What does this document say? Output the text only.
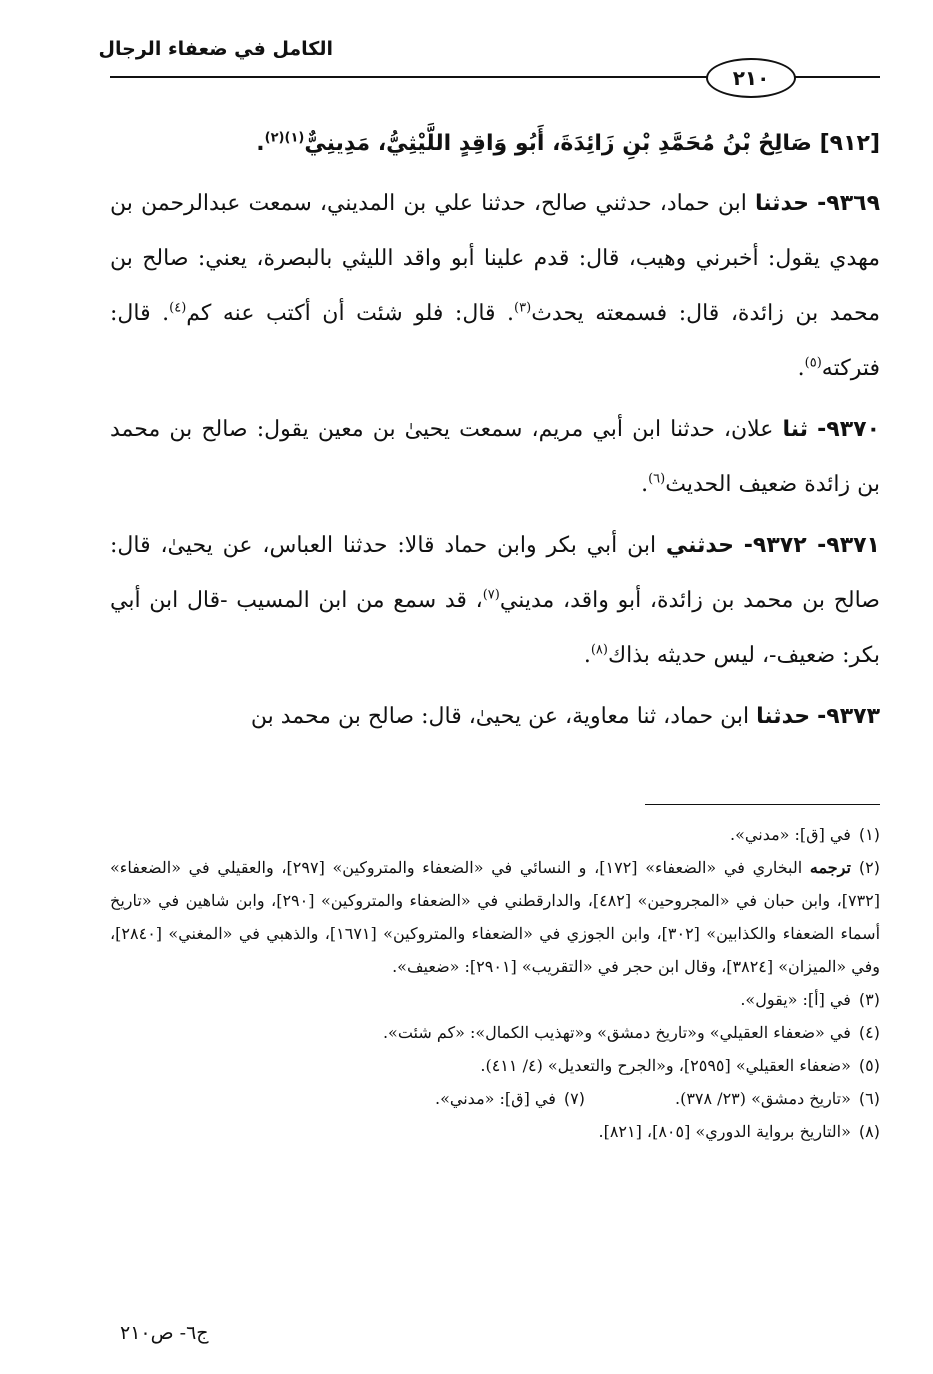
الكامل في ضعفاء الرجال
٢١٠

[٩١٢] صَالِحُ بْنُ مُحَمَّدِ بْنِ زَائِدَةَ، أَبُو وَاقِدٍ اللَّيْثِيُّ، مَدِينِيٌّ$^{(١)(٢)}$.

٩٣٦٩- حدثنا ابن حماد، حدثني صالح، حدثنا علي بن المديني، سمعت عبدالرحمن بن مهدي يقول: أخبرني وهيب، قال: قدم علينا أبو واقد الليثي بالبصرة، يعني: صالح بن محمد بن زائدة، قال: فسمعته يحدث$^{(٣)}$. قال: فلو شئت أن أكتب عنه كم$^{(٤)}$. قال: فتركته$^{(٥)}$.

٩٣٧٠- ثنا علان، حدثنا ابن أبي مريم، سمعت يحيىٰ بن معين يقول: صالح بن محمد بن زائدة ضعيف الحديث$^{(٦)}$.

٩٣٧١- ٩٣٧٢- حدثني ابن أبي بكر وابن حماد قالا: حدثنا العباس، عن يحيىٰ، قال: صالح بن محمد بن زائدة، أبو واقد، مديني$^{(٧)}$، قد سمع من ابن المسيب -قال ابن أبي بكر: ضعيف-، ليس حديثه بذاك$^{(٨)}$.

٩٣٧٣- حدثنا ابن حماد، ثنا معاوية، عن يحيىٰ، قال: صالح بن محمد بن

(١)في [ق]: «مدني».

(٢)ترجمه البخاري في «الضعفاء» [١٧٢]، و النسائي في «الضعفاء والمتروكين» [٢٩٧]، والعقيلي في «الضعفاء» [٧٣٢]، وابن حبان في «المجروحين» [٤٨٢]، والدارقطني في «الضعفاء والمتروكين» [٢٩٠]، وابن شاهين في «تاريخ أسماء الضعفاء والكذابين» [٣٠٢]، وابن الجوزي في «الضعفاء والمتروكين» [١٦٧١]، والذهبي في «المغني» [٢٨٤٠]، وفي «الميزان» [٣٨٢٤]، وقال ابن حجر في «التقريب» [٢٩٠١]: «ضعيف».

(٣)في [أ]: «يقول».

(٤)في «ضعفاء العقيلي» و«تاريخ دمشق» و«تهذيب الكمال»: «كم شئت».

(٥)«ضعفاء العقيلي» [٢٥٩٥]، و«الجرح والتعديل» (٤/ ٤١١).

(٦)«تاريخ دمشق» (٢٣/ ٣٧٨).

(٧)في [ق]: «مدني».

(٨)«التاريخ برواية الدوري» [٨٠٥]، [٨٢١].

ج٦- ص٢١٠
